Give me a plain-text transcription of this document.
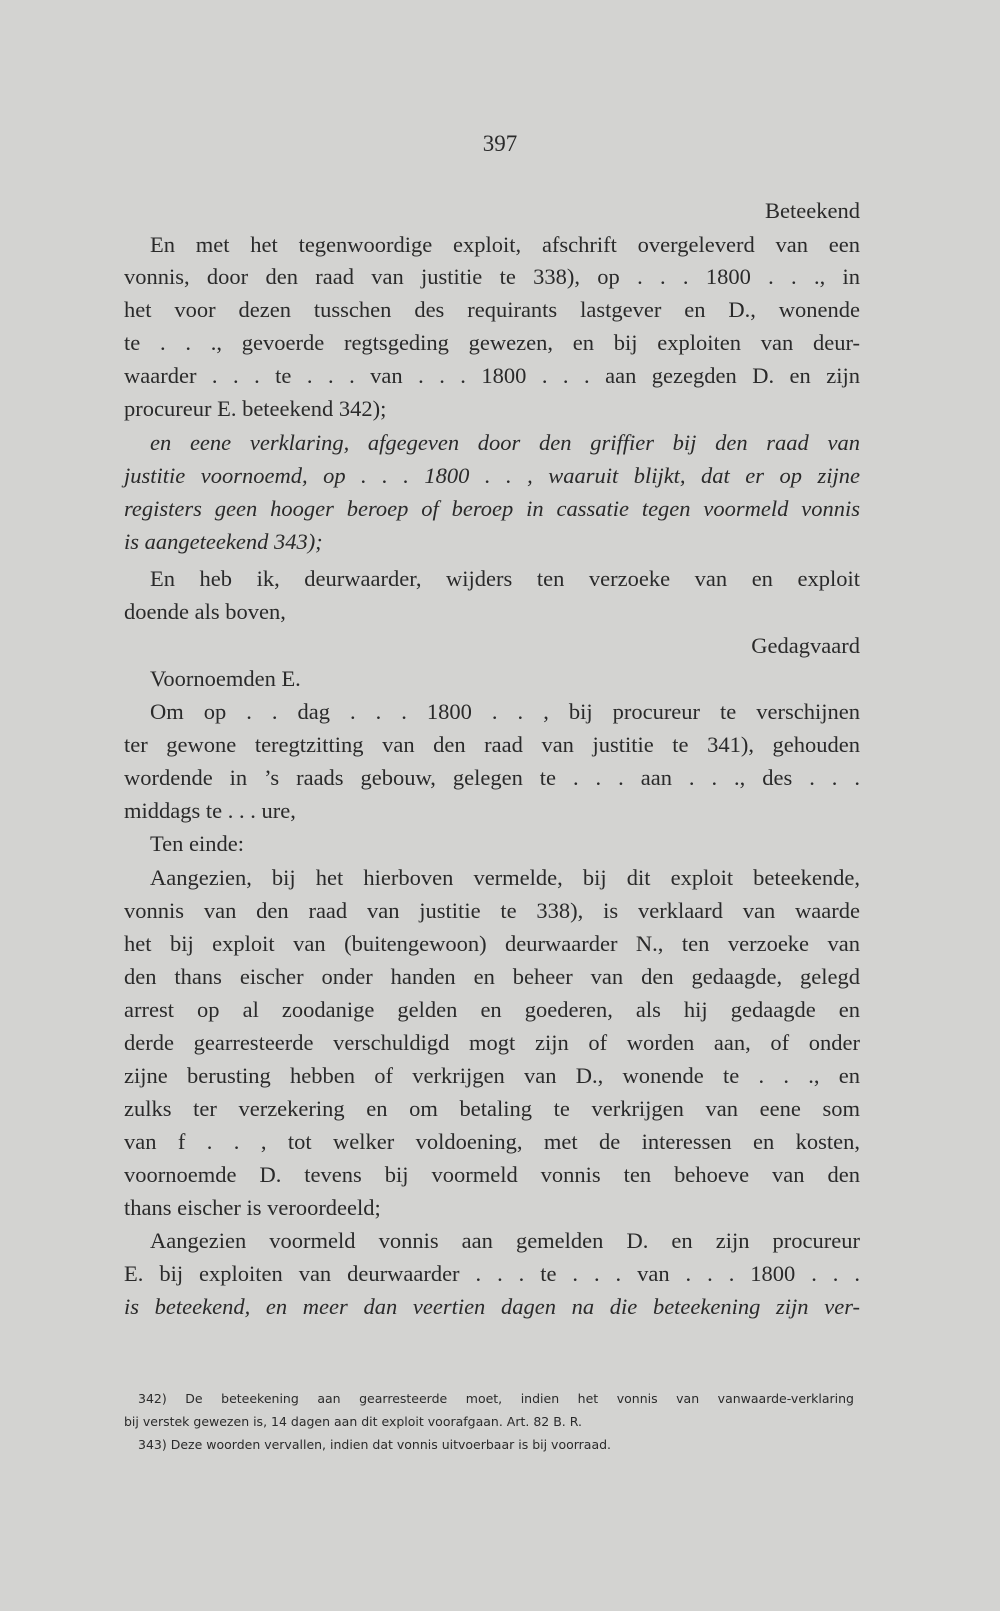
397
Beteekend
En met het tegenwoordige exploit, afschrift overgeleverd van een
vonnis, door den raad van justitie te 338), op . . . 1800 . . ., in
het voor dezen tusschen des requirants lastgever en D., wonende
te . . ., gevoerde regtsgeding gewezen, en bij exploiten van deur-
waarder . . . te . . . van . . . 1800 . . . aan gezegden D. en zijn
procureur E. beteekend 342);
en eene verklaring, afgegeven door den griffier bij den raad van
justitie voornoemd, op . . . 1800 . . , waaruit blijkt, dat er op zijne
registers geen hooger beroep of beroep in cassatie tegen voormeld vonnis
is aangeteekend 343);
En heb ik, deurwaarder, wijders ten verzoeke van en exploit
doende als boven,
Gedagvaard
Voornoemden E.
Om op . . dag . . . 1800 . . , bij procureur te verschijnen
ter gewone teregtzitting van den raad van justitie te 341), gehouden
wordende in ’s raads gebouw, gelegen te . . . aan . . ., des . . .
middags te . . . ure,
Ten einde:
Aangezien, bij het hierboven vermelde, bij dit exploit beteekende,
vonnis van den raad van justitie te 338), is verklaard van waarde
het bij exploit van (buitengewoon) deurwaarder N., ten verzoeke van
den thans eischer onder handen en beheer van den gedaagde, gelegd
arrest op al zoodanige gelden en goederen, als hij gedaagde en
derde gearresteerde verschuldigd mogt zijn of worden aan, of onder
zijne berusting hebben of verkrijgen van D., wonende te . . ., en
zulks ter verzekering en om betaling te verkrijgen van eene som
van f . . , tot welker voldoening, met de interessen en kosten,
voornoemde D. tevens bij voormeld vonnis ten behoeve van den
thans eischer is veroordeeld;
Aangezien voormeld vonnis aan gemelden D. en zijn procureur
E. bij exploiten van deurwaarder . . . te . . . van . . . 1800 . . .
is beteekend, en meer dan veertien dagen na die beteekening zijn ver-
342) De beteekening aan gearresteerde moet, indien het vonnis van vanwaarde-verklaring
bij verstek gewezen is, 14 dagen aan dit exploit voorafgaan. Art. 82 B. R.
343) Deze woorden vervallen, indien dat vonnis uitvoerbaar is bij voorraad.
